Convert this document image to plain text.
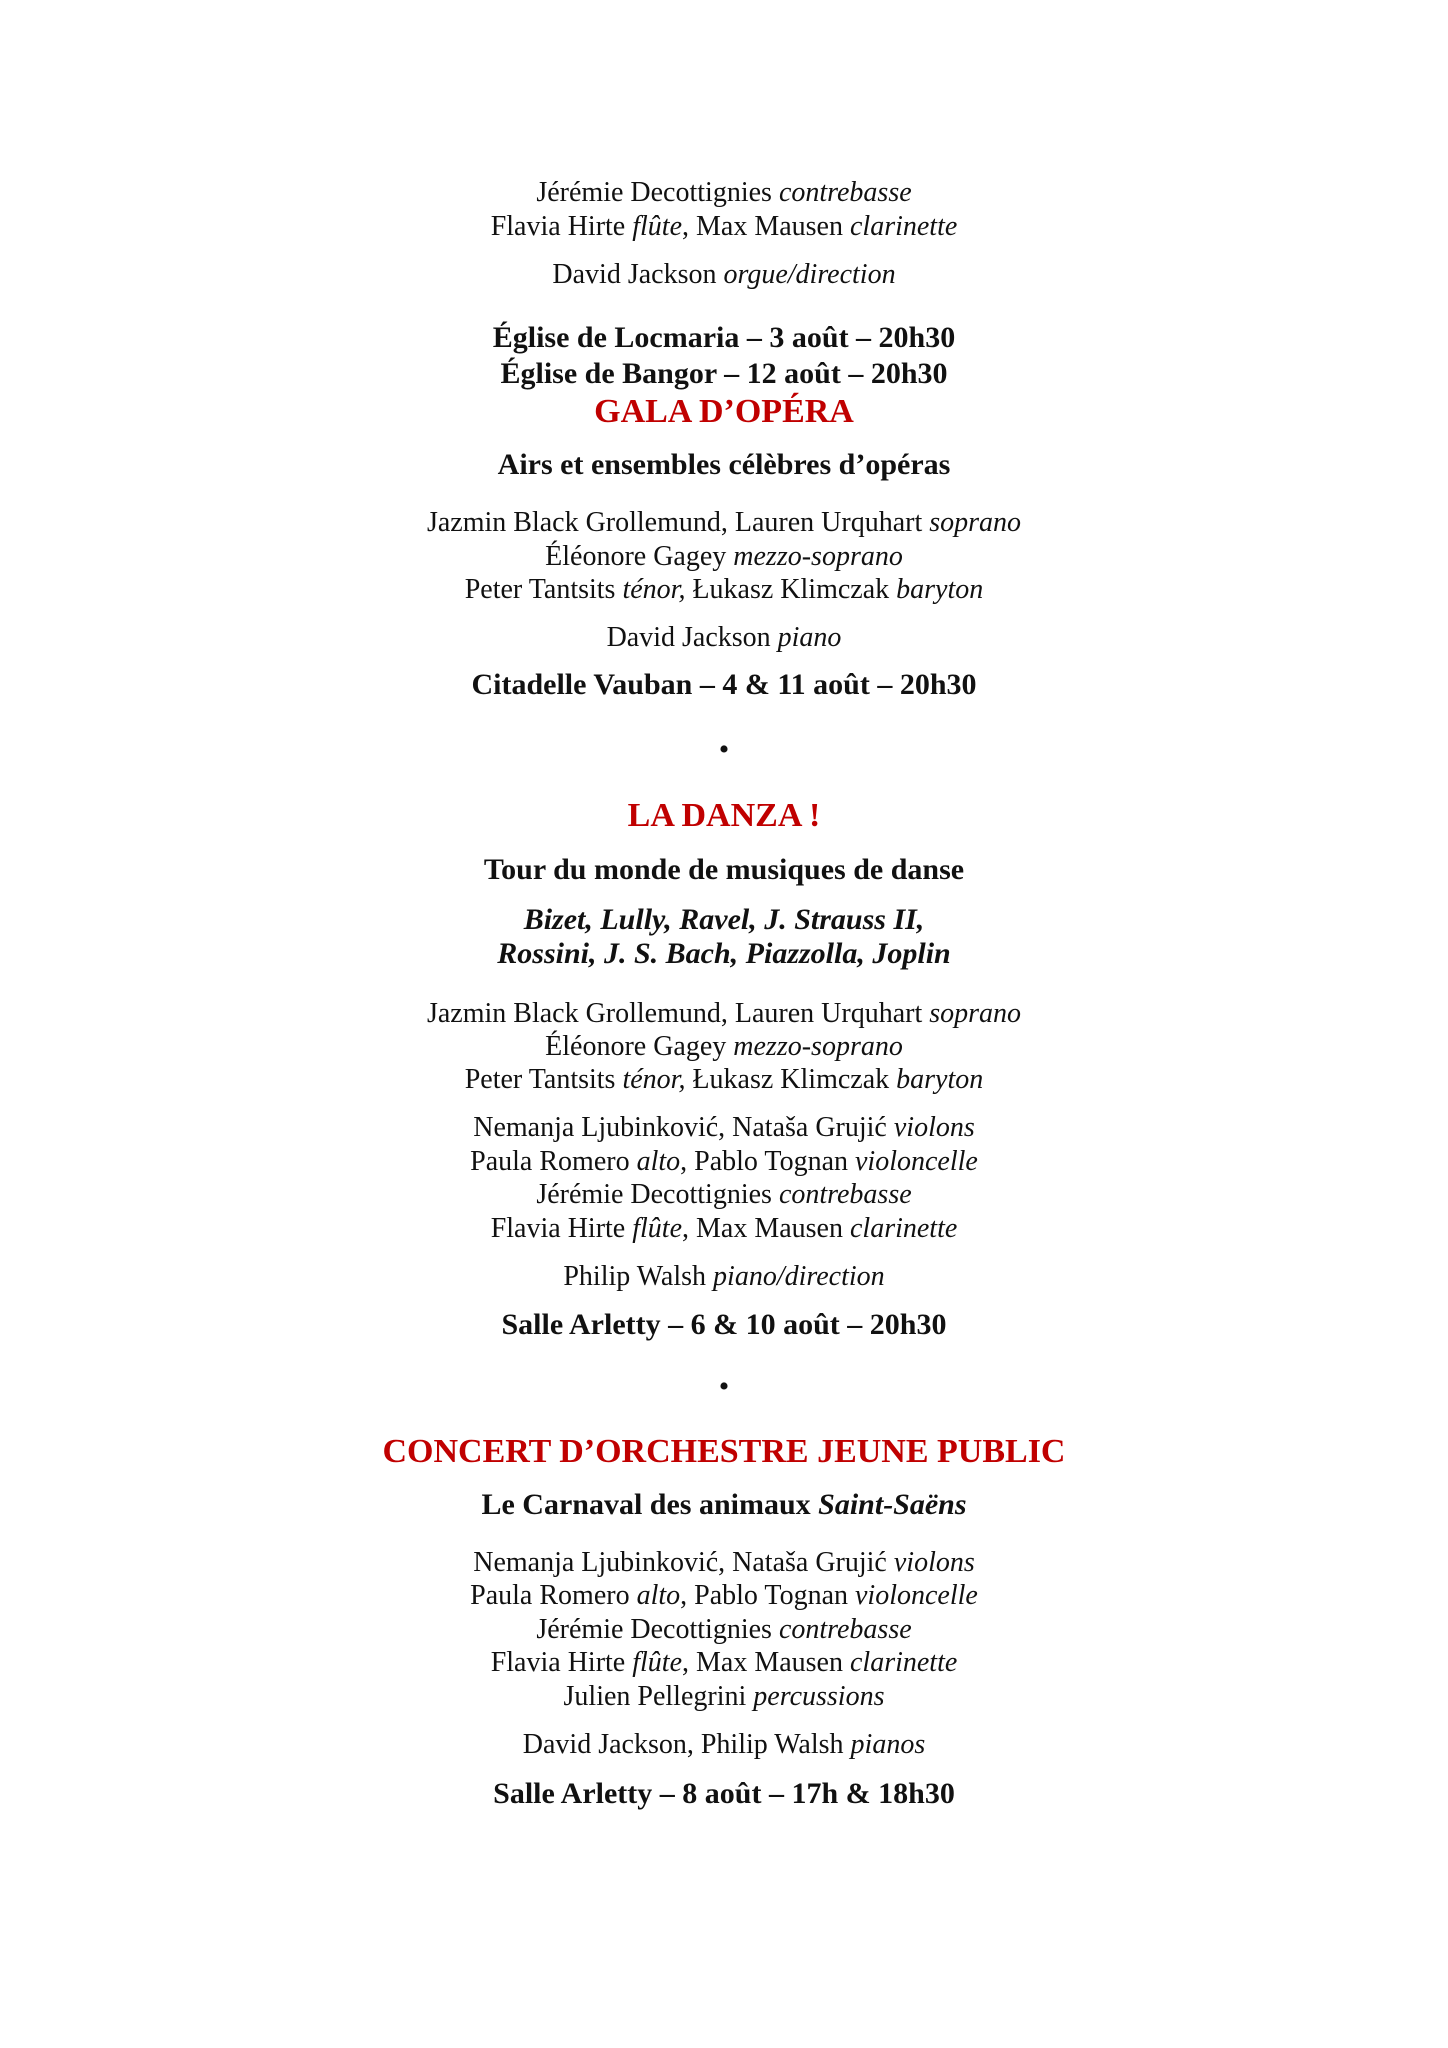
Jérémie Decottignies contrebasse

Flavia Hirte flûte, Max Mausen clarinette

David Jackson orgue/direction

Église de Locmaria – 3 août – 20h30

Église de Bangor – 12 août – 20h30

GALA D’OPÉRA

Airs et ensembles célèbres d’opéras

Jazmin Black Grollemund, Lauren Urquhart soprano

Éléonore Gagey mezzo-soprano

Peter Tantsits ténor, Łukasz Klimczak baryton

David Jackson piano

Citadelle Vauban – 4 & 11 août – 20h30

•

LA DANZA !

Tour du monde de musiques de danse

Bizet, Lully, Ravel, J. Strauss II,

Rossini, J. S. Bach, Piazzolla, Joplin

Jazmin Black Grollemund, Lauren Urquhart soprano

Éléonore Gagey mezzo-soprano

Peter Tantsits ténor, Łukasz Klimczak baryton

Nemanja Ljubinković, Nataša Grujić violons

Paula Romero alto, Pablo Tognan violoncelle

Jérémie Decottignies contrebasse

Flavia Hirte flûte, Max Mausen clarinette

Philip Walsh piano/direction

Salle Arletty – 6 & 10 août – 20h30

•

CONCERT D’ORCHESTRE JEUNE PUBLIC

Le Carnaval des animaux Saint-Saëns

Nemanja Ljubinković, Nataša Grujić violons

Paula Romero alto, Pablo Tognan violoncelle

Jérémie Decottignies contrebasse

Flavia Hirte flûte, Max Mausen clarinette

Julien Pellegrini percussions

David Jackson, Philip Walsh pianos

Salle Arletty – 8 août – 17h & 18h30
